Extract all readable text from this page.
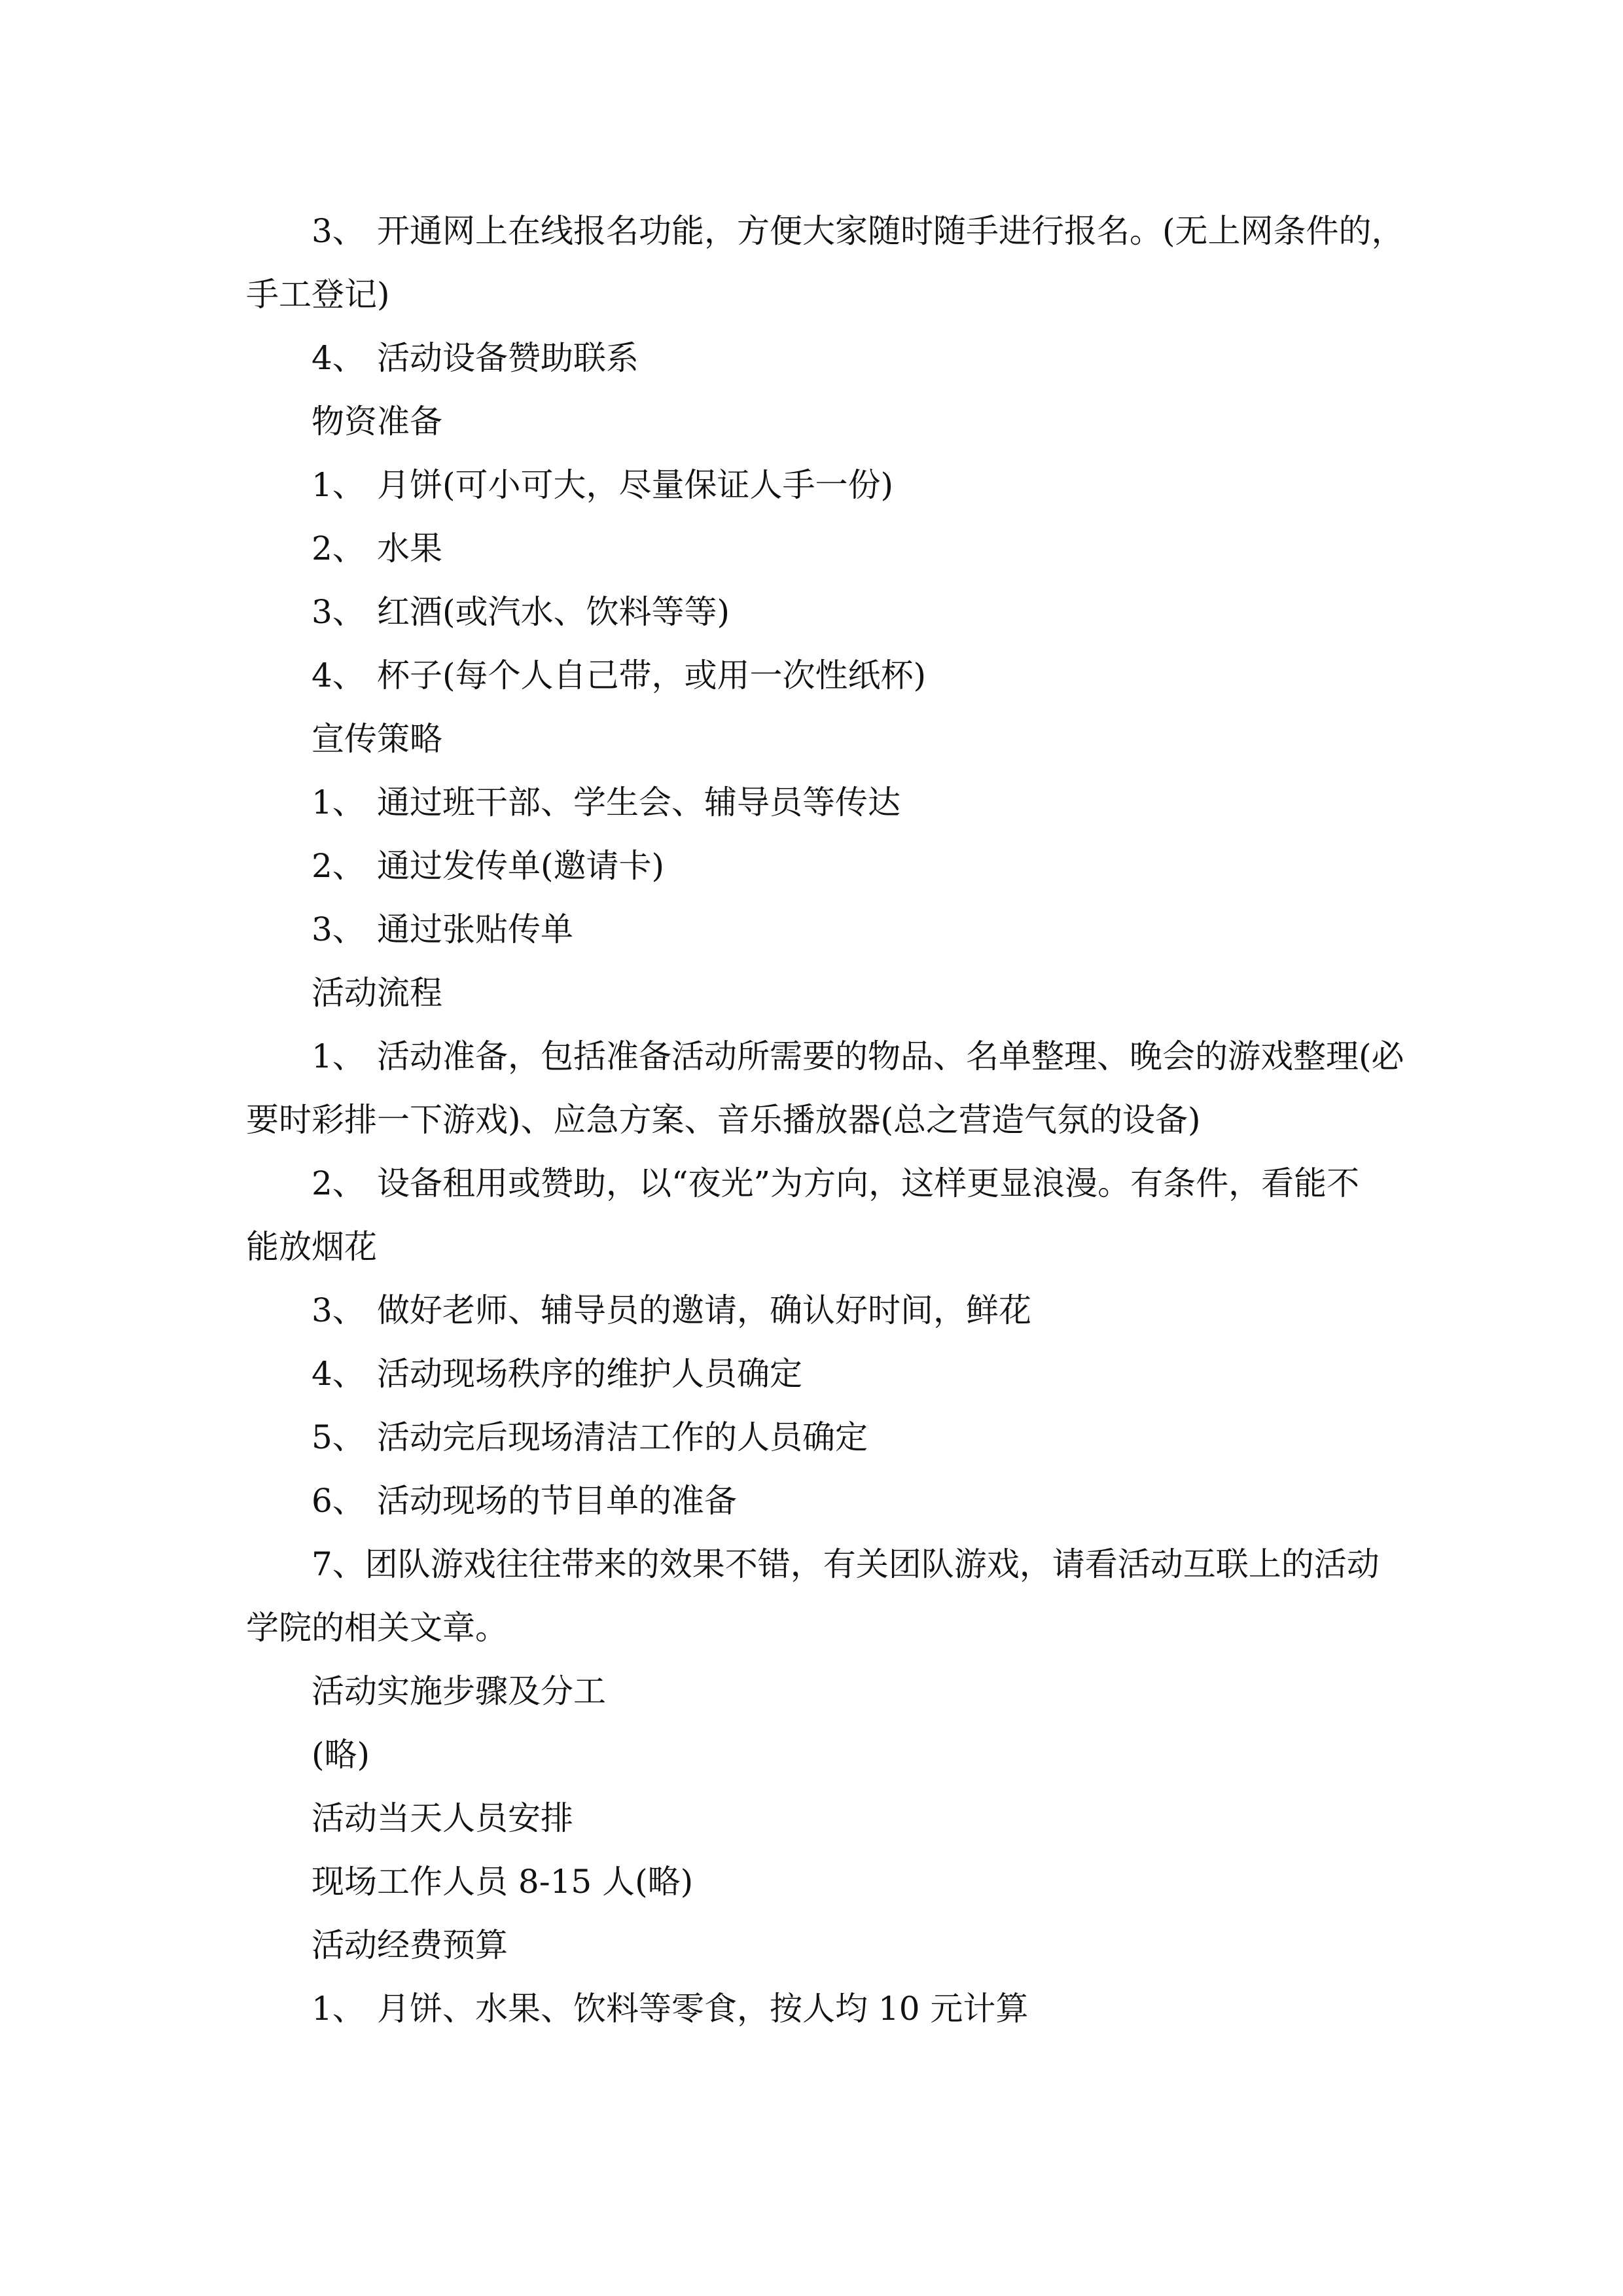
3、 开通网上在线报名功能，方便大家随时随手进行报名。(无上网条件的，
手工登记)
4、 活动设备赞助联系
物资准备
1、 月饼(可小可大，尽量保证人手一份)
2、 水果
3、 红酒(或汽水、饮料等等)
4、 杯子(每个人自己带，或用一次性纸杯)
宣传策略
1、 通过班干部、学生会、辅导员等传达
2、 通过发传单(邀请卡)
3、 通过张贴传单
活动流程
1、 活动准备，包括准备活动所需要的物品、名单整理、晚会的游戏整理(必
要时彩排一下游戏)、应急方案、音乐播放器(总之营造气氛的设备)
2、 设备租用或赞助，以“夜光”为方向，这样更显浪漫。有条件，看能不
能放烟花
3、 做好老师、辅导员的邀请，确认好时间，鲜花
4、 活动现场秩序的维护人员确定
5、 活动完后现场清洁工作的人员确定
6、 活动现场的节目单的准备
7、团队游戏往往带来的效果不错，有关团队游戏，请看活动互联上的活动
学院的相关文章。
活动实施步骤及分工
(略)
活动当天人员安排
现场工作人员 8-15 人(略)
活动经费预算
1、 月饼、水果、饮料等零食，按人均 10 元计算
